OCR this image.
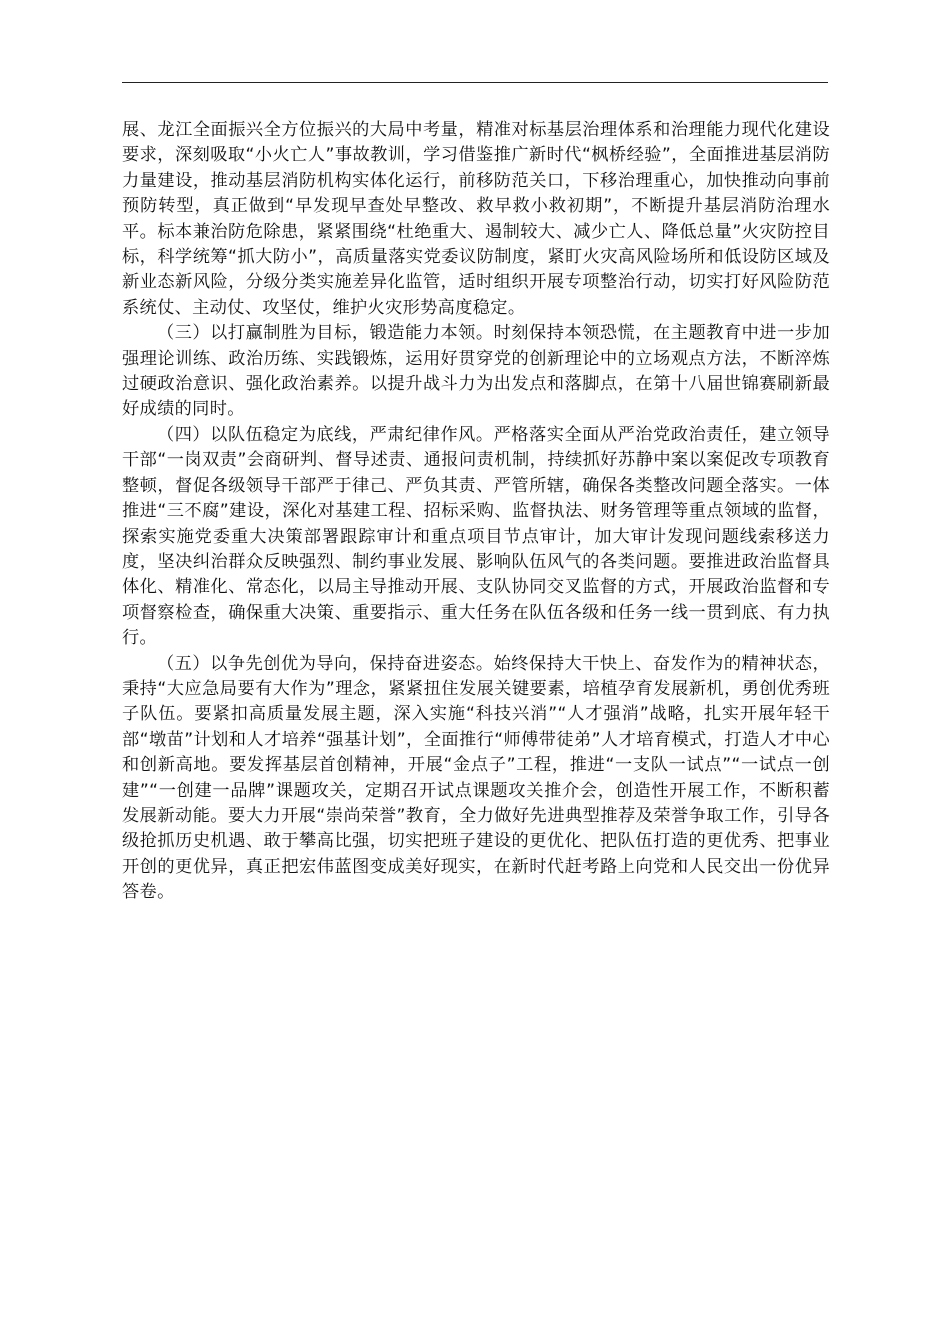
展、龙江全面振兴全方位振兴的大局中考量，精准对标基层治理体系和治理能力现代化建设要求，深刻吸取“小火亡人”事故教训，学习借鉴推广新时代“枫桥经验”，全面推进基层消防力量建设，推动基层消防机构实体化运行，前移防范关口，下移治理重心，加快推动向事前预防转型，真正做到“早发现早查处早整改、救早救小救初期”，不断提升基层消防治理水平。标本兼治防危除患，紧紧围绕“杜绝重大、遏制较大、减少亡人、降低总量”火灾防控目标，科学统筹“抓大防小”，高质量落实党委议防制度，紧盯火灾高风险场所和低设防区域及新业态新风险，分级分类实施差异化监管，适时组织开展专项整治行动，切实打好风险防范系统仗、主动仗、攻坚仗，维护火灾形势高度稳定。

（三）以打赢制胜为目标，锻造能力本领。时刻保持本领恐慌，在主题教育中进一步加强理论训练、政治历练、实践锻炼，运用好贯穿党的创新理论中的立场观点方法，不断淬炼过硬政治意识、强化政治素养。以提升战斗力为出发点和落脚点，在第十八届世锦赛刷新最好成绩的同时。

（四）以队伍稳定为底线，严肃纪律作风。严格落实全面从严治党政治责任，建立领导干部“一岗双责”会商研判、督导述责、通报问责机制，持续抓好苏静中案以案促改专项教育整顿，督促各级领导干部严于律己、严负其责、严管所辖，确保各类整改问题全落实。一体推进“三不腐”建设，深化对基建工程、招标采购、监督执法、财务管理等重点领域的监督，探索实施党委重大决策部署跟踪审计和重点项目节点审计，加大审计发现问题线索移送力度，坚决纠治群众反映强烈、制约事业发展、影响队伍风气的各类问题。要推进政治监督具体化、精准化、常态化，以局主导推动开展、支队协同交叉监督的方式，开展政治监督和专项督察检查，确保重大决策、重要指示、重大任务在队伍各级和任务一线一贯到底、有力执行。

（五）以争先创优为导向，保持奋进姿态。始终保持大干快上、奋发作为的精神状态，秉持“大应急局要有大作为”理念，紧紧扭住发展关键要素，培植孕育发展新机，勇创优秀班子队伍。要紧扣高质量发展主题，深入实施“科技兴消”“人才强消”战略，扎实开展年轻干部“墩苗”计划和人才培养“强基计划”，全面推行“师傅带徒弟”人才培育模式，打造人才中心和创新高地。要发挥基层首创精神，开展“金点子”工程，推进“一支队一试点”“一试点一创建”“一创建一品牌”课题攻关，定期召开试点课题攻关推介会，创造性开展工作，不断积蓄发展新动能。要大力开展“崇尚荣誉”教育，全力做好先进典型推荐及荣誉争取工作，引导各级抢抓历史机遇、敢于攀高比强，切实把班子建设的更优化、把队伍打造的更优秀、把事业开创的更优异，真正把宏伟蓝图变成美好现实，在新时代赶考路上向党和人民交出一份优异答卷。
